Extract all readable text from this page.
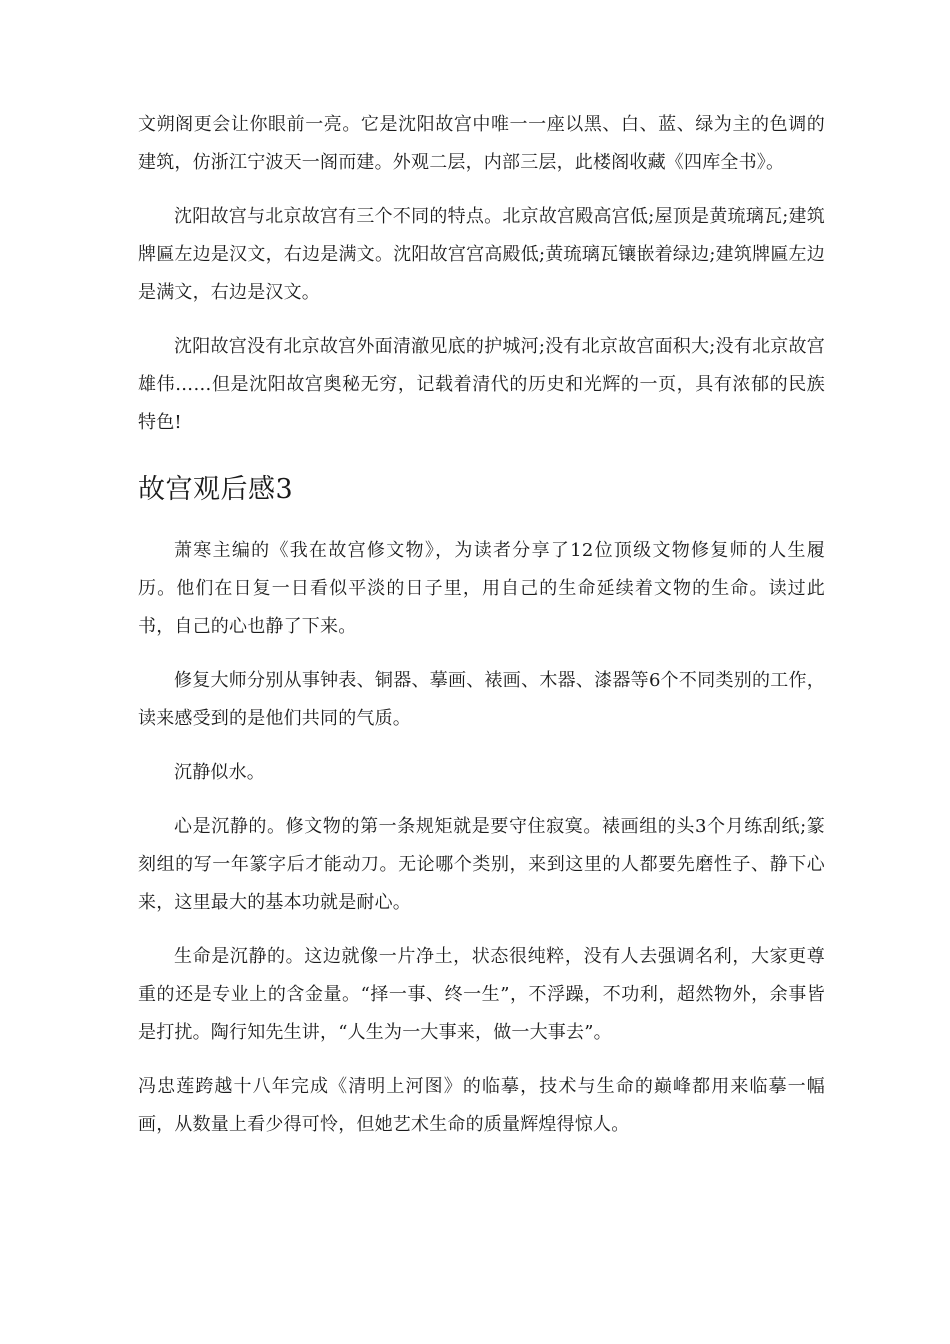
文朔阁更会让你眼前一亮。它是沈阳故宫中唯一一座以黑、白、蓝、绿为主的色调的建筑，仿浙江宁波天一阁而建。外观二层，内部三层，此楼阁收藏《四库全书》。

沈阳故宫与北京故宫有三个不同的特点。北京故宫殿高宫低;屋顶是黄琉璃瓦;建筑牌匾左边是汉文，右边是满文。沈阳故宫宫高殿低;黄琉璃瓦镶嵌着绿边;建筑牌匾左边是满文，右边是汉文。

沈阳故宫没有北京故宫外面清澈见底的护城河;没有北京故宫面积大;没有北京故宫雄伟……但是沈阳故宫奥秘无穷，记载着清代的历史和光辉的一页，具有浓郁的民族特色!

故宫观后感3

萧寒主编的《我在故宫修文物》，为读者分享了12位顶级文物修复师的人生履历。他们在日复一日看似平淡的日子里，用自己的生命延续着文物的生命。读过此书，自己的心也静了下来。

修复大师分别从事钟表、铜器、摹画、裱画、木器、漆器等6个不同类别的工作，读来感受到的是他们共同的气质。

沉静似水。

心是沉静的。修文物的第一条规矩就是要守住寂寞。裱画组的头3个月练刮纸;篆刻组的写一年篆字后才能动刀。无论哪个类别，来到这里的人都要先磨性子、静下心来，这里最大的基本功就是耐心。

生命是沉静的。这边就像一片净土，状态很纯粹，没有人去强调名利，大家更尊重的还是专业上的含金量。“择一事、终一生”，不浮躁，不功利，超然物外，余事皆是打扰。陶行知先生讲，“人生为一大事来，做一大事去”。

冯忠莲跨越十八年完成《清明上河图》的临摹，技术与生命的巅峰都用来临摹一幅画，从数量上看少得可怜，但她艺术生命的质量辉煌得惊人。
